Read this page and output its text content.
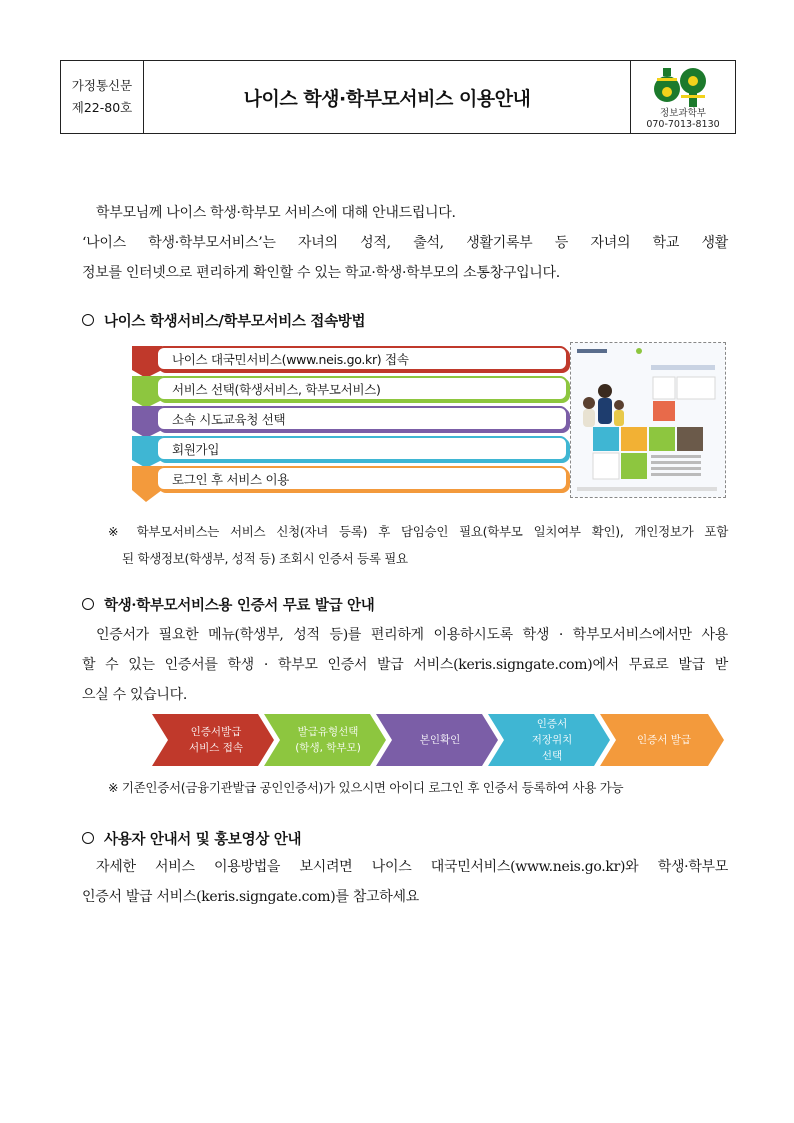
가정통신문
제22-80호	나이스 학생·학부모서비스 이용안내
정보과학부
070-7013-8130
학부모님께 나이스 학생·학부모 서비스에 대해 안내드립니다.
‘나이스 학생·학부모서비스’는 자녀의 성적, 출석, 생활기록부 등 자녀의 학교 생활
정보를 인터넷으로 편리하게 확인할 수 있는 학교·학생·학부모의 소통창구입니다.
나이스 학생서비스/학부모서비스 접속방법
나이스 대국민서비스(www.neis.go.kr) 접속
서비스 선택(학생서비스, 학부모서비스)
소속 시도교육청 선택
회원가입
로그인 후 서비스 이용
※ 학부모서비스는 서비스 신청(자녀 등록) 후 담임승인 필요(학부모 일치여부 확인), 개인정보가 포함
된 학생정보(학생부, 성적 등) 조회시 인증서 등록 필요
학생·학부모서비스용 인증서 무료 발급 안내
인증서가 필요한 메뉴(학생부, 성적 등)를 편리하게 이용하시도록 학생 · 학부모서비스에서만 사용
할 수 있는 인증서를 학생 · 학부모 인증서 발급 서비스(keris.signgate.com)에서 무료로 발급 받
으실 수 있습니다.
인증서발급
서비스 접속
발급유형선택
(학생, 학부모)
본인확인
인증서
저장위치
선택
인증서 발급
※ 기존인증서(금융기관발급 공인인증서)가 있으시면 아이디 로그인 후 인증서 등록하여 사용 가능
사용자 안내서 및 홍보영상 안내
자세한 서비스 이용방법을 보시려면 나이스 대국민서비스(www.neis.go.kr)와 학생·학부모
인증서 발급 서비스(keris.signgate.com)를 참고하세요
